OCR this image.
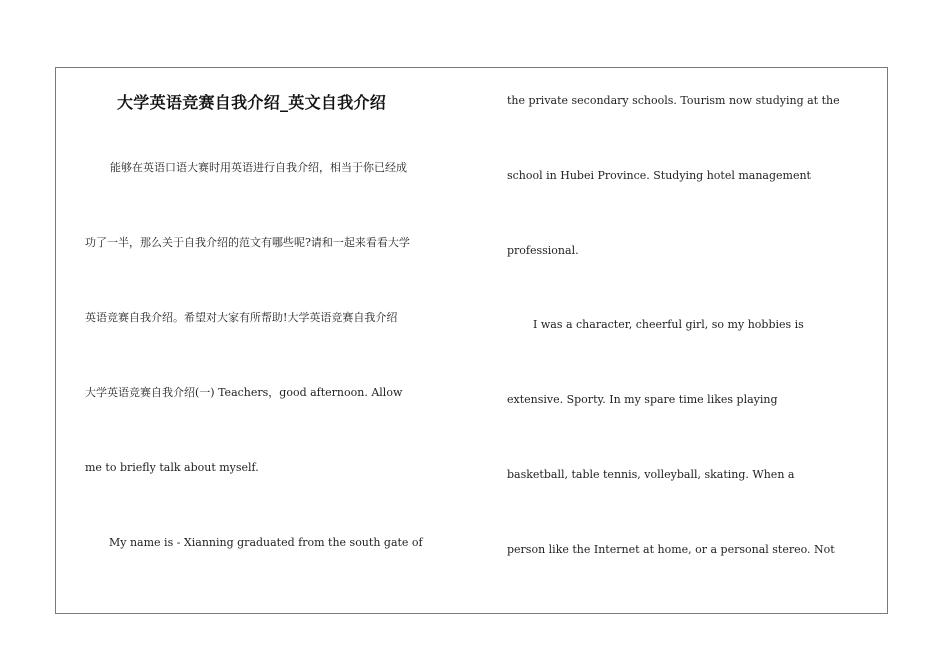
大学英语竞赛自我介绍_英文自我介绍
能够在英语口语大赛时用英语进行自我介绍，相当于你已经成
功了一半，那么关于自我介绍的范文有哪些呢?请和一起来看看大学
英语竞赛自我介绍。希望对大家有所帮助!大学英语竞赛自我介绍
大学英语竞赛自我介绍(一) Teachers，good afternoon. Allow
me to briefly talk about myself.
My name is - Xianning graduated from the south gate of
the private secondary schools. Tourism now studying at the
school in Hubei Province. Studying hotel management
professional.
I was a character, cheerful girl, so my hobbies is
extensive. Sporty. In my spare time likes playing
basketball, table tennis, volleyball, skating. When a
person like the Internet at home, or a personal stereo. Not
